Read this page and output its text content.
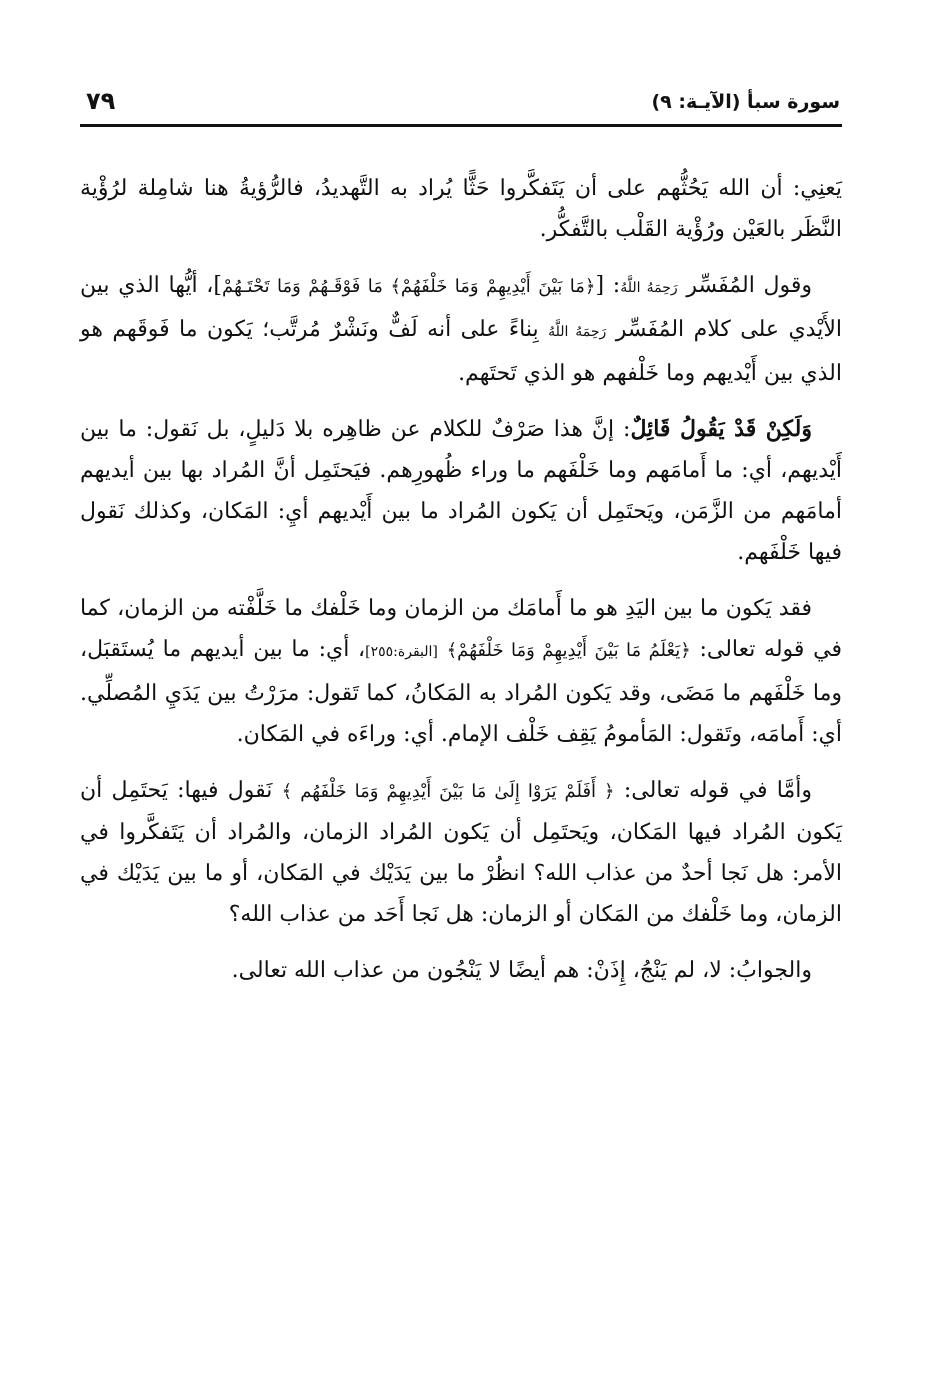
سورة سبأ (الآيـة: ٩)
٧٩

يَعنِي: أن الله يَحُثُّهم على أن يَتَفكَّروا حَثًّا يُراد به التَّهديدُ، فالرُّؤيةُ هنا شامِلة لرُؤْية النَّظَر بالعَيْن ورُؤْية القَلْب بالتَّفكُّر.

وقول المُفَسِّر رَحِمَهُ اللَّهُ: [﴿مَا بَيْنَ أَيْدِيهِمْ وَمَا خَلْفَهُمْ﴾ مَا فَوْقَـهُمْ وَمَا تَحْتَـهُمْ]، أيُّها الذي بين الأَيْدي على كلام المُفَسِّر رَحِمَهُ اللَّهُ بِناءً على أنه لَفٌّ ونَشْرٌ مُرتَّب؛ يَكون ما فَوقَهم هو الذي بين أَيْديهم وما خَلْفهم هو الذي تَحتَهم.

وَلَكِنْ قَدْ يَقُولُ قَائِلٌ: إنَّ هذا صَرْفٌ للكلام عن ظاهِره بلا دَليلٍ، بل نَقول: ما بين أَيْديهم، أي: ما أَمامَهم وما خَلْفَهم ما وراء ظُهورِهم. فيَحتَمِل أنَّ المُراد بها بين أيديهم أمامَهم من الزَّمَن، ويَحتَمِل أن يَكون المُراد ما بين أَيْديهم أيِ: المَكان، وكذلك نَقول فيها خَلْفَهم.

فقد يَكون ما بين اليَدِ هو ما أَمامَك من الزمان وما خَلْفك ما خَلَّفْته من الزمان، كما في قوله تعالى: ﴿يَعْلَمُ مَا بَيْنَ أَيْدِيهِمْ وَمَا خَلْفَهُمْ﴾ [البقرة:٢٥٥]، أي: ما بين أيديهم ما يُستَقبَل، وما خَلْفَهم ما مَضَى، وقد يَكون المُراد به المَكانُ، كما تَقول: مرَرْتُ بين يَدَيِ المُصلِّي. أي: أَمامَه، وتَقول: المَأمومُ يَقِف خَلْف الإمام. أي: وراءَه في المَكان.

وأمَّا في قوله تعالى: ﴿ أَفَلَمْ يَرَوْا إِلَىٰ مَا بَيْنَ أَيْدِيهِمْ وَمَا خَلْفَهُم ﴾ نَقول فيها: يَحتَمِل أن يَكون المُراد فيها المَكان، ويَحتَمِل أن يَكون المُراد الزمان، والمُراد أن يَتَفكَّروا في الأمر: هل نَجا أحدٌ من عذاب الله؟ انظُرْ ما بين يَدَيْك في المَكان، أو ما بين يَدَيْك في الزمان، وما خَلْفك من المَكان أو الزمان: هل نَجا أَحَد من عذاب الله؟

والجوابُ: لا، لم يَنْجُ، إِذَنْ: هم أيضًا لا يَنْجُون من عذاب الله تعالى.
